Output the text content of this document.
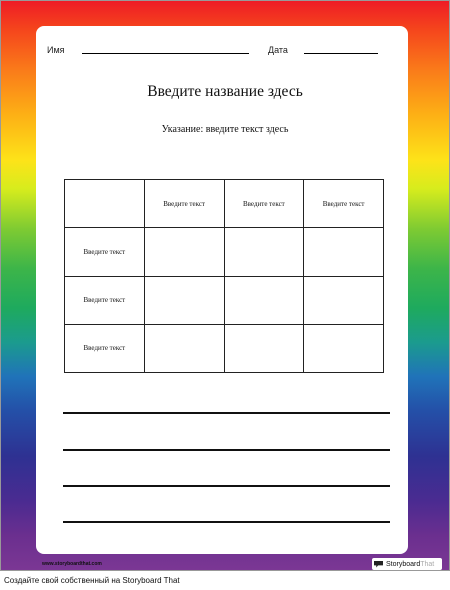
Имя	Дата
Введите название здесь
Указание: введите текст здесь
	Введите текст	Введите текст	Введите текст
Введите текст			
Введите текст			
Введите текст			
www.storyboardthat.com	Storyboard That
Создайте свой собственный на Storyboard That
